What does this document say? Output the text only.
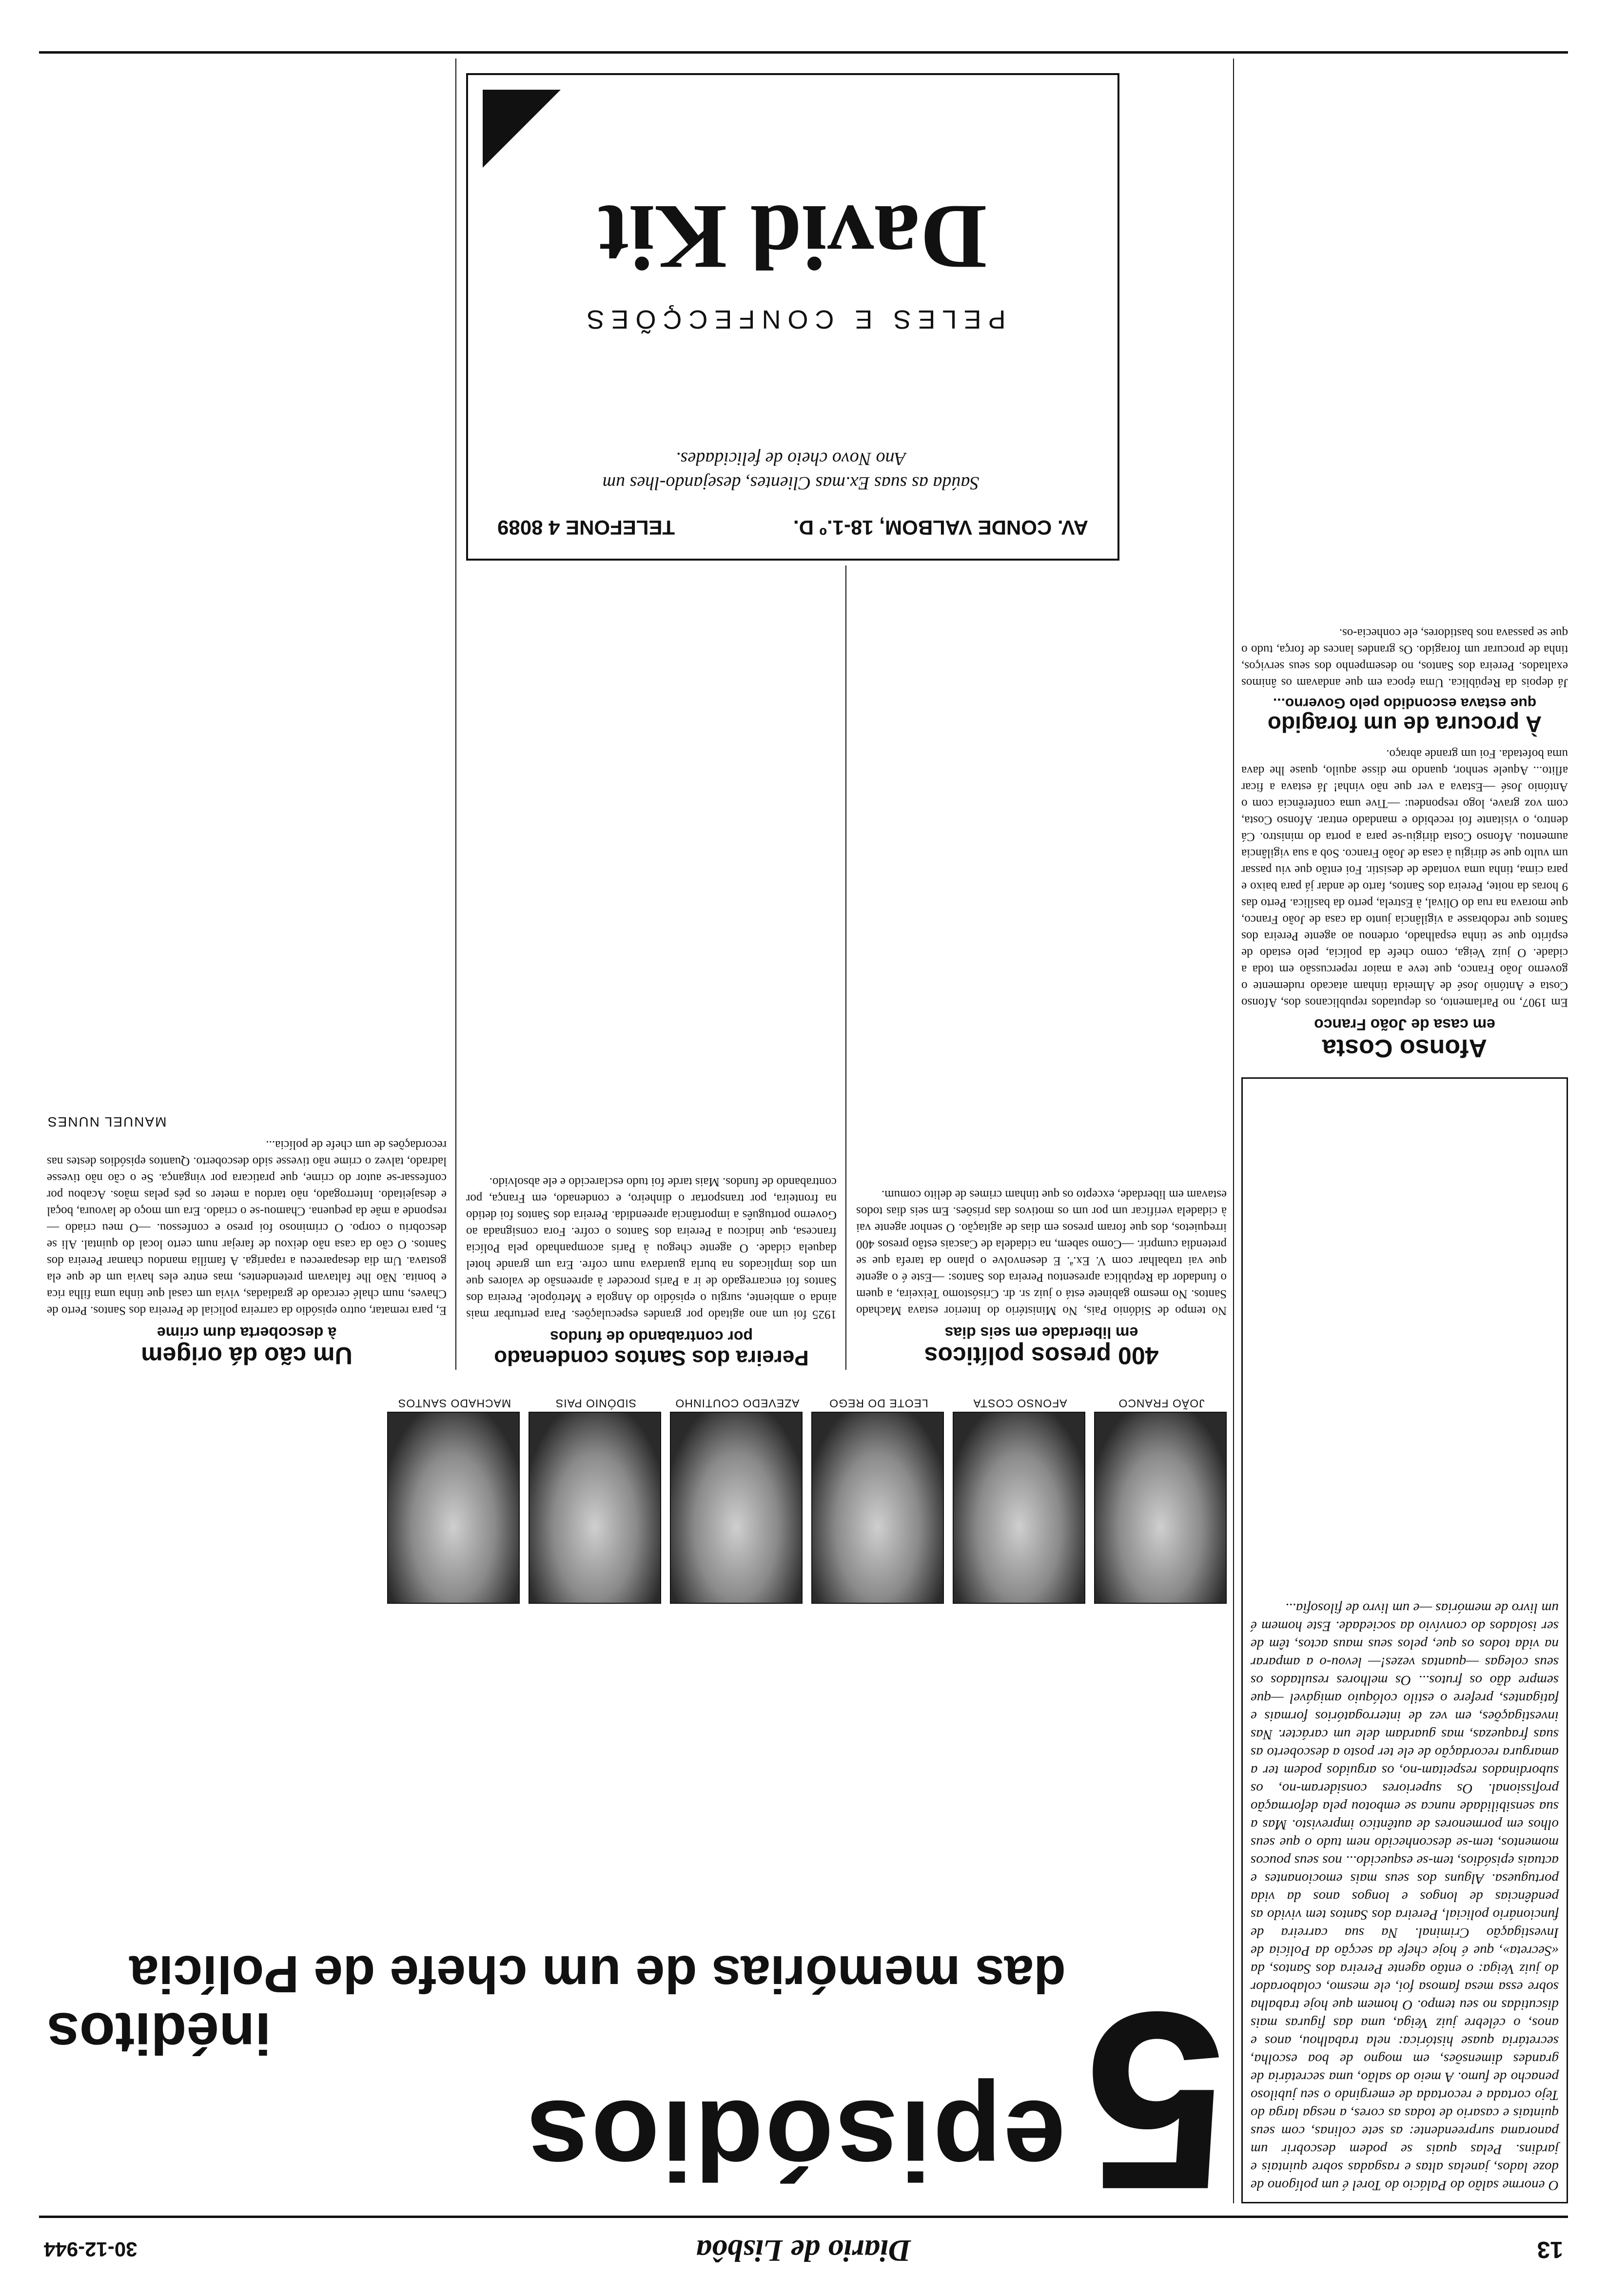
13
Diario de Lisbôa
30-12-944

O enorme salão do Palácio do Torel é um polígono de doze lados, janelas altas e rasgadas sobre quintais e jardins. Pelas quais se podem descobrir um panorama surpreendente: as sete colinas, com seus quintais e casario de todas as cores, a nesga larga do Tejo cortada e recortada de emergindo o seu jubiloso penacho de fumo. A meio do salão, uma secretária de grandes dimensões, em mogno de boa escolha, secretária quase histórica: nela trabalhou, anos e anos, o célebre juiz Veiga, uma das figuras mais discutidas no seu tempo. O homem que hoje trabalha sobre essa mesa famosa foi, ele mesmo, colaborador do juiz Veiga: o então agente Pereira dos Santos, da «Secreta», que é hoje chefe da secção da Polícia de Investigação Criminal. Na sua carreira de funcionário policial, Pereira dos Santos tem vivido as pendências de longos e longos anos da vida portuguesa. Alguns dos seus mais emocionantes e actuais episódios, tem-se esquecido... nos seus poucos momentos, tem-se desconhecido nem tudo o que seus olhos em pormenores de autêntico imprevisto. Mas a sua sensibilidade nunca se embotou pela deformação profissional. Os superiores consideram-no, os subordinados respeitam-no, os arguidos podem ter a amargura recordação de ele ter posto a descoberto as suas fraquezas, mas guardam dele um carácter. Nas investigações, em vez de interrogatórios formais e fatigantes, prefere o estilo colóquio amigável —que sempre dão os frutos... Os melhores resultados os seus colegas —quantas vezes!— levou-o a amparar na vida todos os que, pelos seus maus actos, têm de ser isolados do convívio da sociedade. Este homem é um livro de memórias —e um livro de filosofia...

5
episódios
inéditos
das memórias de um chefe de Polícia
JOÃO FRANCO
AFONSO COSTA
LEOTE DO REGO
AZEVEDO COUTINHO
SIDÓNIO PAIS
MACHADO SANTOS
Afonso Costa
em casa de João Franco

Em 1907, no Parlamento, os deputados republicanos dos, Afonso Costa e António José de Almeida tinham atacado rudemente o governo João Franco, que teve a maior repercussão em toda a cidade. O juiz Veiga, como chefe da polícia, pelo estado de espírito que se tinha espalhado, ordenou ao agente Pereira dos Santos que redobrasse a vigilância junto da casa de João Franco, que morava na rua do Olival, à Estrela, perto da basílica. Perto das 9 horas da noite, Pereira dos Santos, farto de andar já para baixo e para cima, tinha uma vontade de desistir. Foi então que viu passar um vulto que se dirigiu à casa de João Franco. Sob a sua vigilância aumentou. Afonso Costa dirigiu-se para a porta do ministro. Cá dentro, o visitante foi recebido e mandado entrar. Afonso Costa, com voz grave, logo respondeu: —Tive uma conferência com o António José —Estava a ver que não vinha! Já estava a ficar aflito... Aquele senhor, quando me disse aquilo, quase lhe dava uma bofetada. Foi um grande abraço.

À procura de um foragido
que estava escondido pelo Governo...

Já depois da República. Uma época em que andavam os ânimos exaltados. Pereira dos Santos, no desempenho dos seus serviços, tinha de procurar um foragido. Os grandes lances de força, tudo o que se passava nos bastidores, ele conhecia-os.

400 presos políticos
em liberdade em seis dias

No tempo de Sidónio Pais, No Ministério do Interior estava Machado Santos. No mesmo gabinete está o juiz sr. dr. Crisóstomo Teixeira, a quem o fundador da República apresentou Pereira dos Santos: —Este é o agente que vai trabalhar com V. Ex.ª. E desenvolve o plano da tarefa que se pretendia cumprir. —Como sabem, na cidadela de Cascais estão presos 400 irrequietos, dos que foram presos em dias de agitação. O senhor agente vai à cidadela verificar um por um os motivos das prisões. Em seis dias todos estavam em liberdade, excepto os que tinham crimes de delito comum.

Pereira dos Santos condenado
por contrabando de fundos

1925 foi um ano agitado por grandes especulações. Para perturbar mais ainda o ambiente, surgiu o episódio do Angola e Metrópole. Pereira dos Santos foi encarregado de ir a Paris proceder à apreensão de valores que um dos implicados na burla guardava num cofre. Era um grande hotel daquela cidade. O agente chegou à Paris acompanhado pela Polícia francesa, que indicou a Pereira dos Santos o cofre. Fora consignada ao Governo português a importância apreendida. Pereira dos Santos foi detido na fronteira, por transportar o dinheiro, e condenado, em França, por contrabando de fundos. Mais tarde foi tudo esclarecido e ele absolvido.

Um cão dá origem
à descoberta dum crime

E, para rematar, outro episódio da carreira policial de Pereira dos Santos. Perto de Chaves, num chalé cercado de gradiadas, vivia um casal que tinha uma filha rica e bonita. Não lhe faltavam pretendentes, mas entre eles havia um de que ela gostava. Um dia desapareceu a rapariga. A família mandou chamar Pereira dos Santos. O cão da casa não deixou de farejar num certo local do quintal. Ali se descobriu o corpo. O criminoso foi preso e confessou. —O meu criado —responde a mãe da pequena. Chamou-se o criado. Era um moço de lavoura, boçal e desajeitado. Interrogado, não tardou a meter os pés pelas mãos. Acabou por confessar-se autor do crime, que praticara por vingança. Se o cão não tivesse ladrado, talvez o crime não tivesse sido descoberto. Quantos episódios destes nas recordações de um chefe de polícia...

MANUEL NUNES
AV. CONDE VALBOM, 18-1.º D.
TELEFONE 4 8089
Saúda as suas Ex.mas Clientes, desejando-lhes um Ano Novo cheio de felicidades.
PELES E CONFECÇÕES
David Kit
